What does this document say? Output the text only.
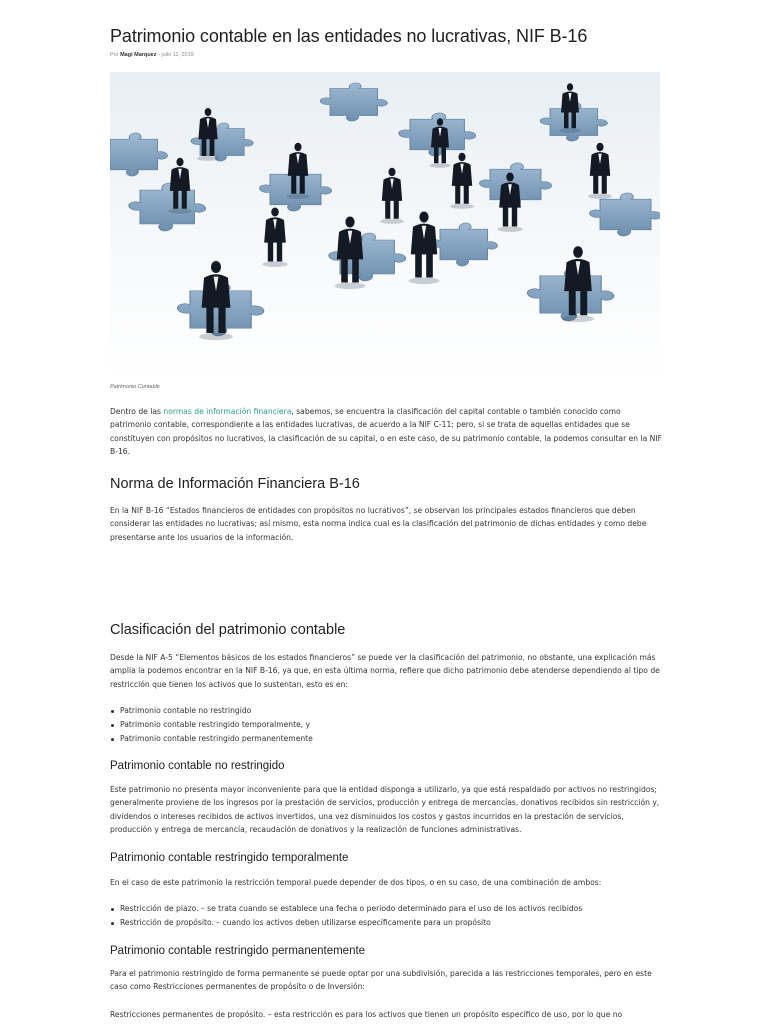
Patrimonio contable en las entidades no lucrativas, NIF B-16
Por Magi Marquez - julio 11, 2019
Patrimonio Contable

Dentro de las normas de información financiera, sabemos, se encuentra la clasificación del capital contable o también conocido como patrimonio contable, correspondiente a las entidades lucrativas, de acuerdo a la NIF C-11; pero, si se trata de aquellas entidades que se constituyen con propósitos no lucrativos, la clasificación de su capital, o en este caso, de su patrimonio contable, la podemos consultar en la NIF B-16.

Norma de Información Financiera B-16

En la NIF B-16 “Estados financieros de entidades con propósitos no lucrativos”, se observan los principales estados financieros que deben considerar las entidades no lucrativas; así mismo, esta norma indica cual es la clasificación del patrimonio de dichas entidades y como debe presentarse ante los usuarios de la información.

Clasificación del patrimonio contable

Desde la NIF A-5 “Elementos básicos de los estados financieros” se puede ver la clasificación del patrimonio, no obstante, una explicación más amplia la podemos encontrar en la NIF B-16, ya que, en esta última norma, refiere que dicho patrimonio debe atenderse dependiendo al tipo de restricción que tienen los activos que lo sustentan, esto es en:

Patrimonio contable no restringido
Patrimonio contable restringido temporalmente, y
Patrimonio contable restringido permanentemente
Patrimonio contable no restringido

Este patrimonio no presenta mayor inconveniente para que la entidad disponga a utilizarlo, ya que está respaldado por activos no restringidos; generalmente proviene de los ingresos por la prestación de servicios, producción y entrega de mercancías, donativos recibidos sin restricción y, dividendos o intereses recibidos de activos invertidos, una vez disminuidos los costos y gastos incurridos en la prestación de servicios, producción y entrega de mercancía, recaudación de donativos y la realización de funciones administrativas.

Patrimonio contable restringido temporalmente

En el caso de este patrimonio la restricción temporal puede depender de dos tipos, o en su caso, de una combinación de ambos:

Restricción de plazo. – se trata cuando se establece una fecha o periodo determinado para el uso de los activos recibidos
Restricción de propósito. – cuando los activos deben utilizarse específicamente para un propósito
Patrimonio contable restringido permanentemente

Para el patrimonio restringido de forma permanente se puede optar por una subdivisión, parecida a las restricciones temporales, pero en este caso como Restricciones permanentes de propósito o de Inversión:

Restricciones permanentes de propósito. – esta restricción es para los activos que tienen un propósito específico de uso, por lo que no
